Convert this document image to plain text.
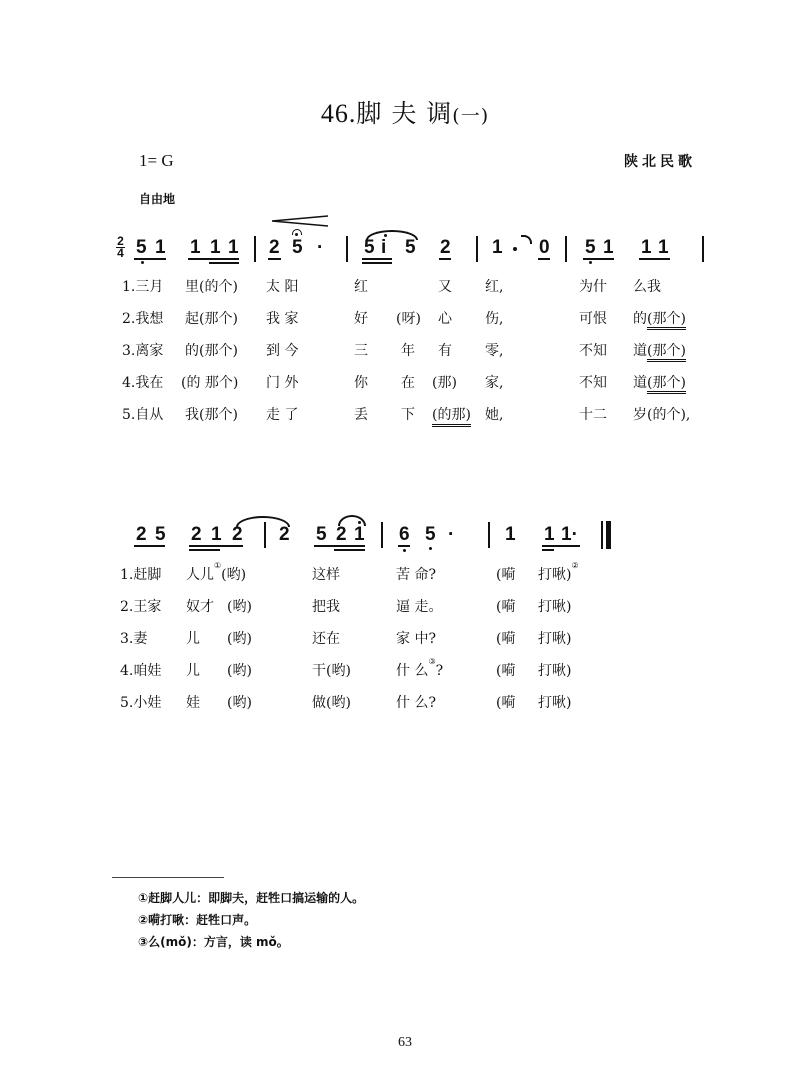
46.脚 夫 调(一)
1= G	陕北民歌
自由地
2
4 5 1 1 1 1 2 5 · 5 i 5 2 1 0 5 1 1 1
1.三月 里(的个) 太 阳	红	又 红,	为什 么我
2.我想 起(那个) 我 家	好 (呀) 心 伤,	可恨 的(那个)
3.离家 的(那个) 到 今	三 年 有 零,	不知 道(那个)
4.我在 (的 那个) 门 外	你 在 (那) 家,	不知 道(那个)
5.自从 我(那个) 走 了	丢 下 (的那) 她,	十二 岁(的个),
2 5 2 1 2 2 5 2 1 6 5 ·	1 1 1·
1.赶脚 人儿①(哟)	这样	苦 命?	(嗬 打啾)②
2.王家 奴才 (哟)	把我	逼 走。	(嗬 打啾)
3.妻	儿 (哟)	还在	家 中?	(嗬 打啾)
4.咱娃 儿 (哟)	干(哟)	什 么③?	(嗬 打啾)
5.小娃 娃 (哟)	做(哟)	什 么?	(嗬 打啾)
①赶脚人儿：即脚夫，赶牲口搞运输的人。
②嗬打啾：赶牲口声。
③么(mǒ)：方言，读 mǒ。
63
